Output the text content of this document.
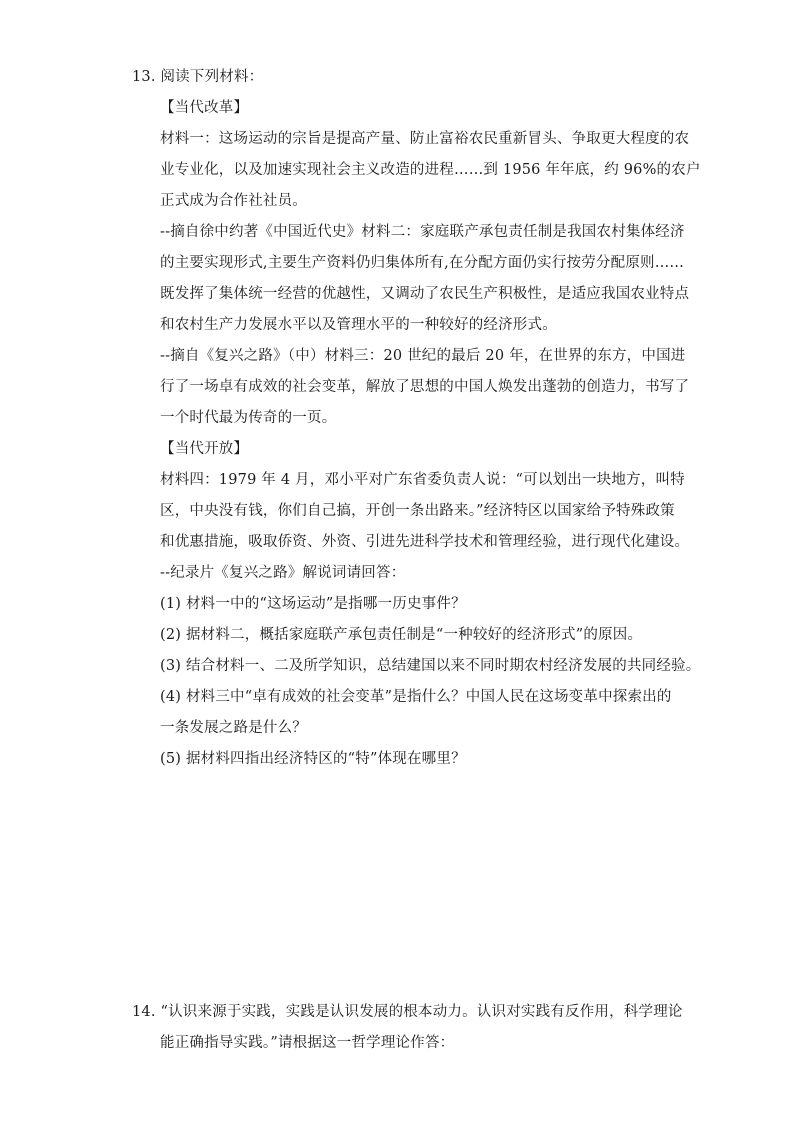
13. 阅读下列材料：
【当代改革】
材料一：这场运动的宗旨是提高产量、防止富裕农民重新冒头、争取更大程度的农
业专业化，以及加速实现社会主义改造的进程……到 1956 年年底，约 96%的农户
正式成为合作社社员。
--摘自徐中约著《中国近代史》材料二：家庭联产承包责任制是我国农村集体经济
的主要实现形式,主要生产资料仍归集体所有,在分配方面仍实行按劳分配原则……
既发挥了集体统一经营的优越性，又调动了农民生产积极性，是适应我国农业特点
和农村生产力发展水平以及管理水平的一种较好的经济形式。
--摘自《复兴之路》（中）材料三：20 世纪的最后 20 年，在世界的东方，中国进
行了一场卓有成效的社会变革，解放了思想的中国人焕发出蓬勃的创造力，书写了
一个时代最为传奇的一页。
【当代开放】
材料四：1979 年 4 月，邓小平对广东省委负责人说：“可以划出一块地方，叫特
区，中央没有钱，你们自己搞，开创一条出路来。”经济特区以国家给予特殊政策
和优惠措施，吸取侨资、外资、引进先进科学技术和管理经验，进行现代化建设。
--纪录片《复兴之路》解说词请回答：
(1) 材料一中的“这场运动”是指哪一历史事件？
(2) 据材料二，概括家庭联产承包责任制是“一种较好的经济形式”的原因。
(3) 结合材料一、二及所学知识，总结建国以来不同时期农村经济发展的共同经验。
(4) 材料三中“卓有成效的社会变革”是指什么？中国人民在这场变革中探索出的
一条发展之路是什么？
(5) 据材料四指出经济特区的“特”体现在哪里？
14. “认识来源于实践，实践是认识发展的根本动力。认识对实践有反作用，科学理论
能正确指导实践。”请根据这一哲学理论作答：
